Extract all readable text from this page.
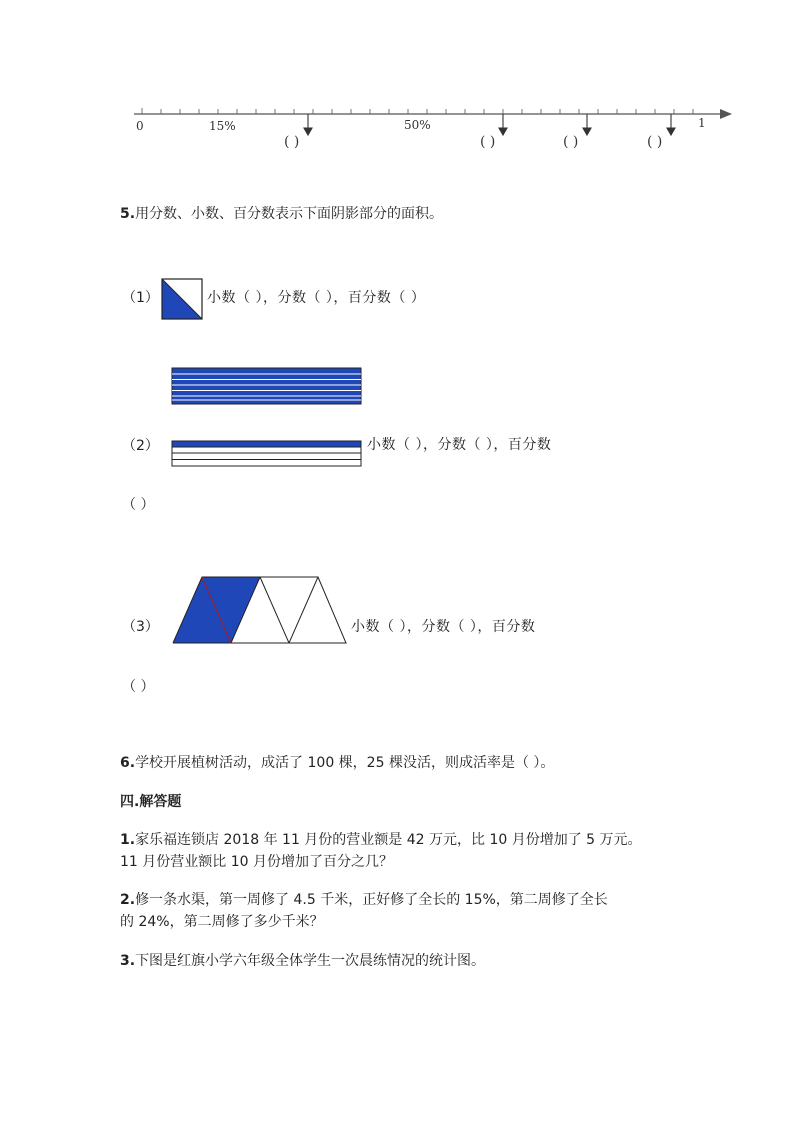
0	15%	50%	1
( )	( )	( )	( )
5.用分数、小数、百分数表示下面阴影部分的面积。
（1）	小数（ ），分数（ ），百分数（ ）
（2）	小数（ ），分数（ ），百分数
（ ）
（3）	小数（ ），分数（ ），百分数
（ ）
6.学校开展植树活动，成活了 100 棵，25 棵没活，则成活率是（ ）。
四.解答题
1.家乐福连锁店 2018 年 11 月份的营业额是 42 万元，比 10 月份增加了 5 万元。
11 月份营业额比 10 月份增加了百分之几？
2.修一条水渠，第一周修了 4.5 千米，正好修了全长的 15%，第二周修了全长
的 24%，第二周修了多少千米？
3.下图是红旗小学六年级全体学生一次晨练情况的统计图。
